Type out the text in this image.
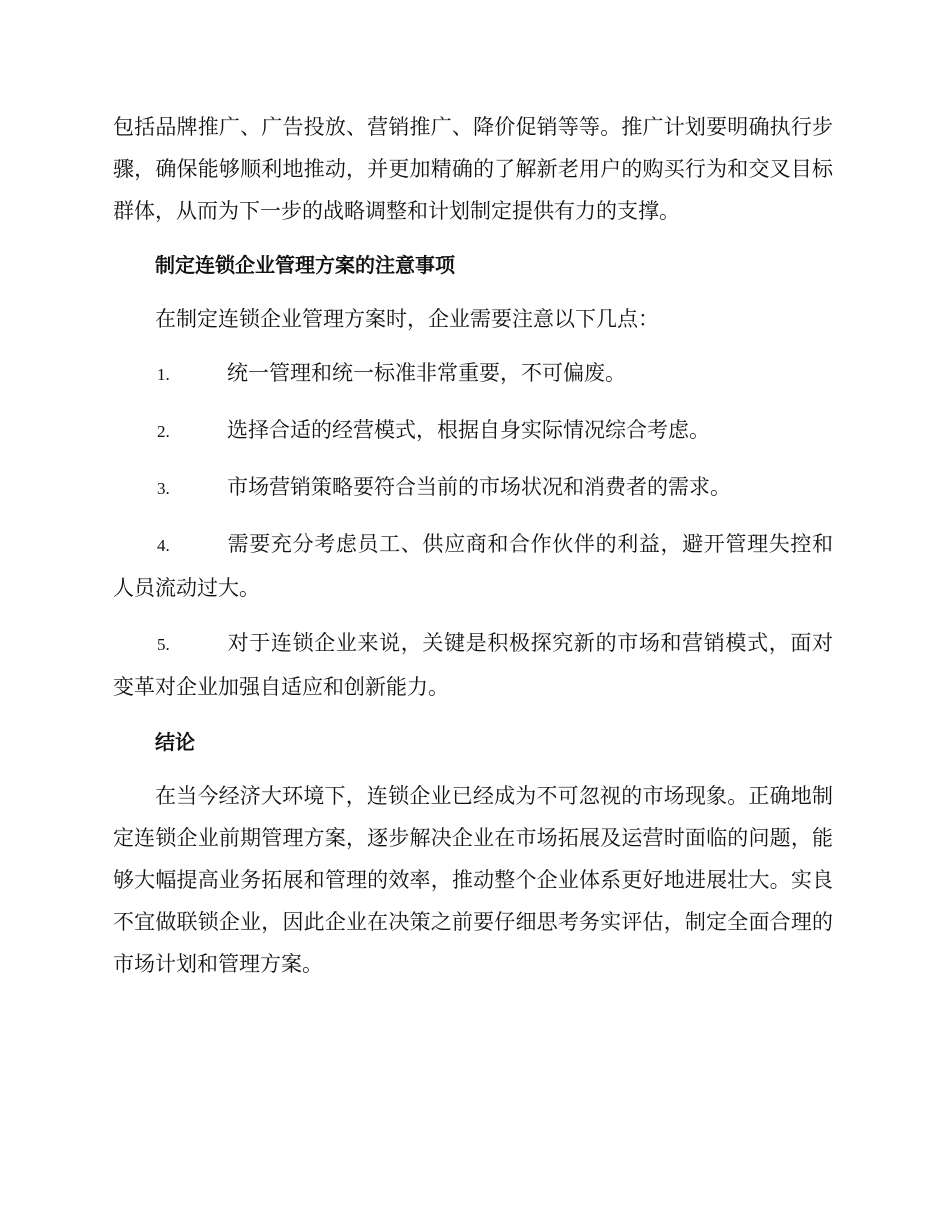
包括品牌推广、广告投放、营销推广、降价促销等等。推广计划要明确执行步骤，确保能够顺利地推动，并更加精确的了解新老用户的购买行为和交叉目标群体，从而为下一步的战略调整和计划制定提供有力的支撑。

制定连锁企业管理方案的注意事项

在制定连锁企业管理方案时，企业需要注意以下几点：

1.	统一管理和统一标准非常重要，不可偏废。

2.	选择合适的经营模式，根据自身实际情况综合考虑。

3.	市场营销策略要符合当前的市场状况和消费者的需求。

4.	需要充分考虑员工、供应商和合作伙伴的利益，避开管理失控和人员流动过大。

5.	对于连锁企业来说，关键是积极探究新的市场和营销模式，面对变革对企业加强自适应和创新能力。

结论

在当今经济大环境下，连锁企业已经成为不可忽视的市场现象。正确地制定连锁企业前期管理方案，逐步解决企业在市场拓展及运营时面临的问题，能够大幅提高业务拓展和管理的效率，推动整个企业体系更好地进展壮大。实良不宜做联锁企业，因此企业在决策之前要仔细思考务实评估，制定全面合理的市场计划和管理方案。
